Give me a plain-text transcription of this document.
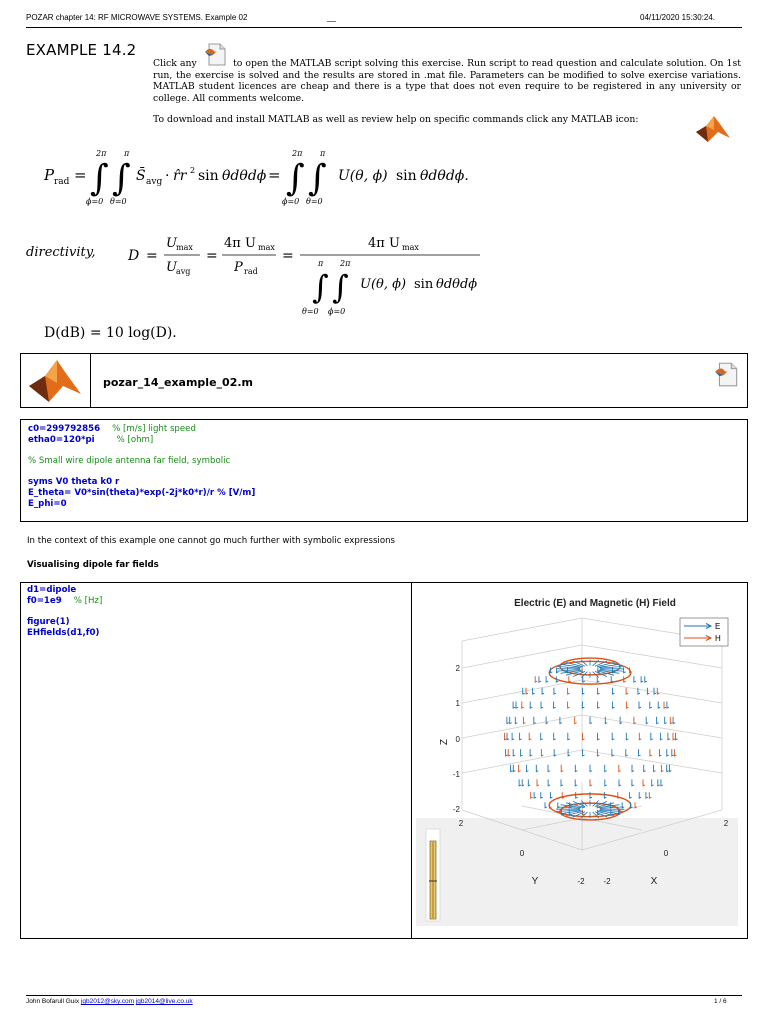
POZAR chapter 14: RF MICROWAVE SYSTEMS. Example 02	__	04/11/2020 15:30:24.
EXAMPLE 14.2
Click any	to open the MATLAB script solving this exercise. Run script to read question and calculate solution. On 1st run, the exercise is solved and the results are stored in .mat file. Parameters can be modified to solve exercise variations. MATLAB student licences are cheap and there is a type that does not even require to be registered in any university or college. All comments welcome.
To download and install MATLAB as well as review help on specific commands click any MATLAB icon:
P rad = ∫ ∫
2π π
ϕ=0 θ=0
S̄ avg · r̂r 2 sin θdθdϕ = ∫ ∫
2π π
ϕ=0 θ=0
U(θ, ϕ) sin θdθdϕ.
directivity, D =
U max
U avg
=
4π U max
P rad
=
4π U max
∫ ∫
π 2π
θ=0 ϕ=0
U(θ, ϕ) sin θdθdϕ
D(dB) = 10 log(D).
pozar_14_example_02.m
c0=299792856 % [m/s] light speed
etha0=120*pi	% [ohm]
% Small wire dipole antenna far field, symbolic
syms V0 theta k0 r
E_theta= V0*sin(theta)*exp(-2j*k0*r)/r % [V/m]
E_phi=0
In the context of this example one cannot go much further with symbolic expressions
Visualising dipole far fields
d1=dipole
f0=1e9 % [Hz]
figure(1)
EHfields(d1,f0)
Electric (E) and Magnetic (H) Field
E
H
2
1
0
-1
-2
2
0
-2
2
0
-2
Z
Y	X
John Bofarull Guix jgb2012@sky.com jgb2014@live.co.uk	1 / 6
